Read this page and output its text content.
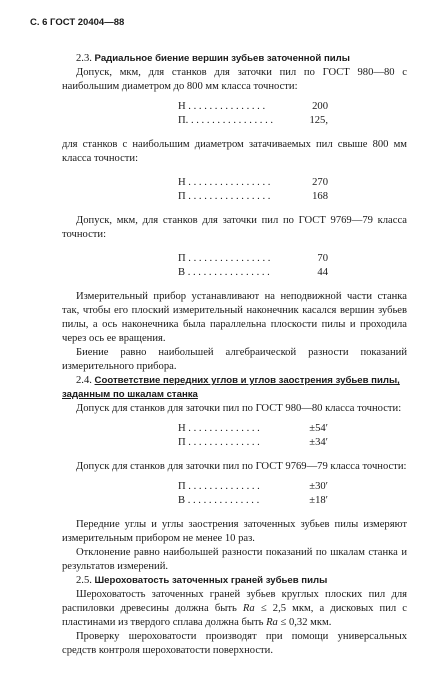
С. 6 ГОСТ 20404—88

2.3. Радиальное биение вершин зубьев заточенной пилы

Допуск, мкм, для станков для заточки пил по ГОСТ 980—80 с наибольшим диаметром до 800 мм класса точности:

Н . . . . . . . . . . . . . . .	200
П. . . . . . . . . . . . . . . . .	125,

для станков с наибольшим диаметром затачиваемых пил свыше 800 мм класса точности:

Н . . . . . . . . . . . . . . . .	270
П . . . . . . . . . . . . . . . .	168

Допуск, мкм, для станков для заточки пил по ГОСТ 9769—79 класса точности:

П . . . . . . . . . . . . . . . .	70
В . . . . . . . . . . . . . . . .	44

Измерительный прибор устанавливают на неподвижной части станка так, чтобы его плоский измерительный наконечник касался вершин зубьев пилы, а ось наконечника была параллельна плоскости пилы и проходила через ось ее вращения.

Биение равно наибольшей алгебраической разности показаний измерительного прибора.

2.4. Соответствие передних углов и углов заострения зубьев пилы, заданным по шкалам станка

Допуск для станков для заточки пил по ГОСТ 980—80 класса точности:

Н . . . . . . . . . . . . . .	±54′
П . . . . . . . . . . . . . .	±34′

Допуск для станков для заточки пил по ГОСТ 9769—79 класса точности:

П . . . . . . . . . . . . . .	±30′
В . . . . . . . . . . . . . .	±18′

Передние углы и углы заострения заточенных зубьев пилы измеряют измерительным прибором не менее 10 раз.

Отклонение равно наибольшей разности показаний по шкалам станка и результатов измерений.

2.5. Шероховатость заточенных граней зубьев пилы

Шероховатость заточенных граней зубьев круглых плоских пил для распиловки древесины должна быть Ra ≤ 2,5 мкм, а дисковых пил с пластинами из твердого сплава должна быть Ra ≤ 0,32 мкм.

Проверку шероховатости производят при помощи универсальных средств контроля шероховатости поверхности.
